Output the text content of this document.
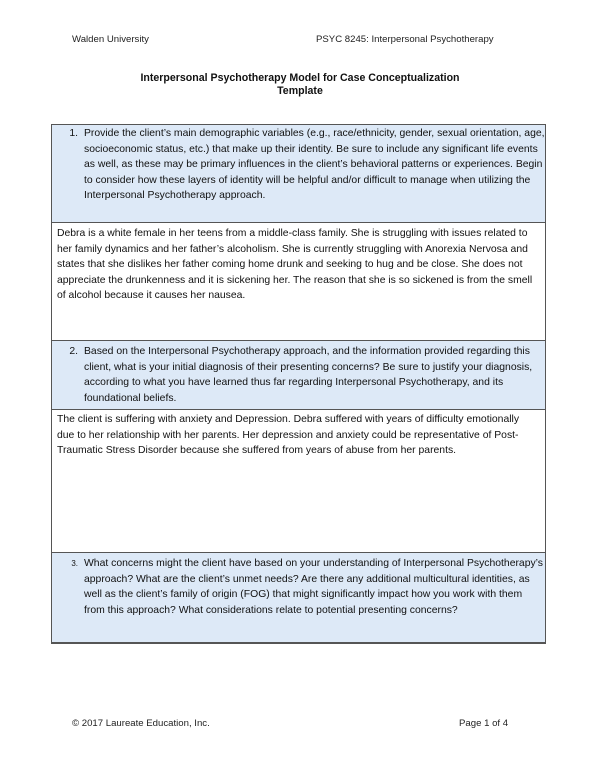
Walden University	PSYC 8245: Interpersonal Psychotherapy
Interpersonal Psychotherapy Model for Case Conceptualization
Template
1. Provide the client’s main demographic variables (e.g., race/ethnicity, gender, sexual orientation, age, socioeconomic status, etc.) that make up their identity. Be sure to include any significant life events as well, as these may be primary influences in the client’s behavioral patterns or experiences. Begin to consider how these layers of identity will be helpful and/or difficult to manage when utilizing the Interpersonal Psychotherapy approach.
Debra is a white female in her teens from a middle-class family. She is struggling with issues related to her family dynamics and her father’s alcoholism. She is currently struggling with Anorexia Nervosa and states that she dislikes her father coming home drunk and seeking to hug and be close. She does not appreciate the drunkenness and it is sickening her. The reason that she is so sickened is from the smell of alcohol because it causes her nausea.
2. Based on the Interpersonal Psychotherapy approach, and the information provided regarding this client, what is your initial diagnosis of their presenting concerns? Be sure to justify your diagnosis, according to what you have learned thus far regarding Interpersonal Psychotherapy, and its foundational beliefs.
The client is suffering with anxiety and Depression. Debra suffered with years of difficulty emotionally due to her relationship with her parents. Her depression and anxiety could be representative of Post-Traumatic Stress Disorder because she suffered from years of abuse from her parents.
3. What concerns might the client have based on your understanding of Interpersonal Psychotherapy’s approach? What are the client’s unmet needs? Are there any additional multicultural identities, as well as the client’s family of origin (FOG) that might significantly impact how you work with them from this approach? What considerations relate to potential presenting concerns?
© 2017 Laureate Education, Inc.	Page 1 of 4
